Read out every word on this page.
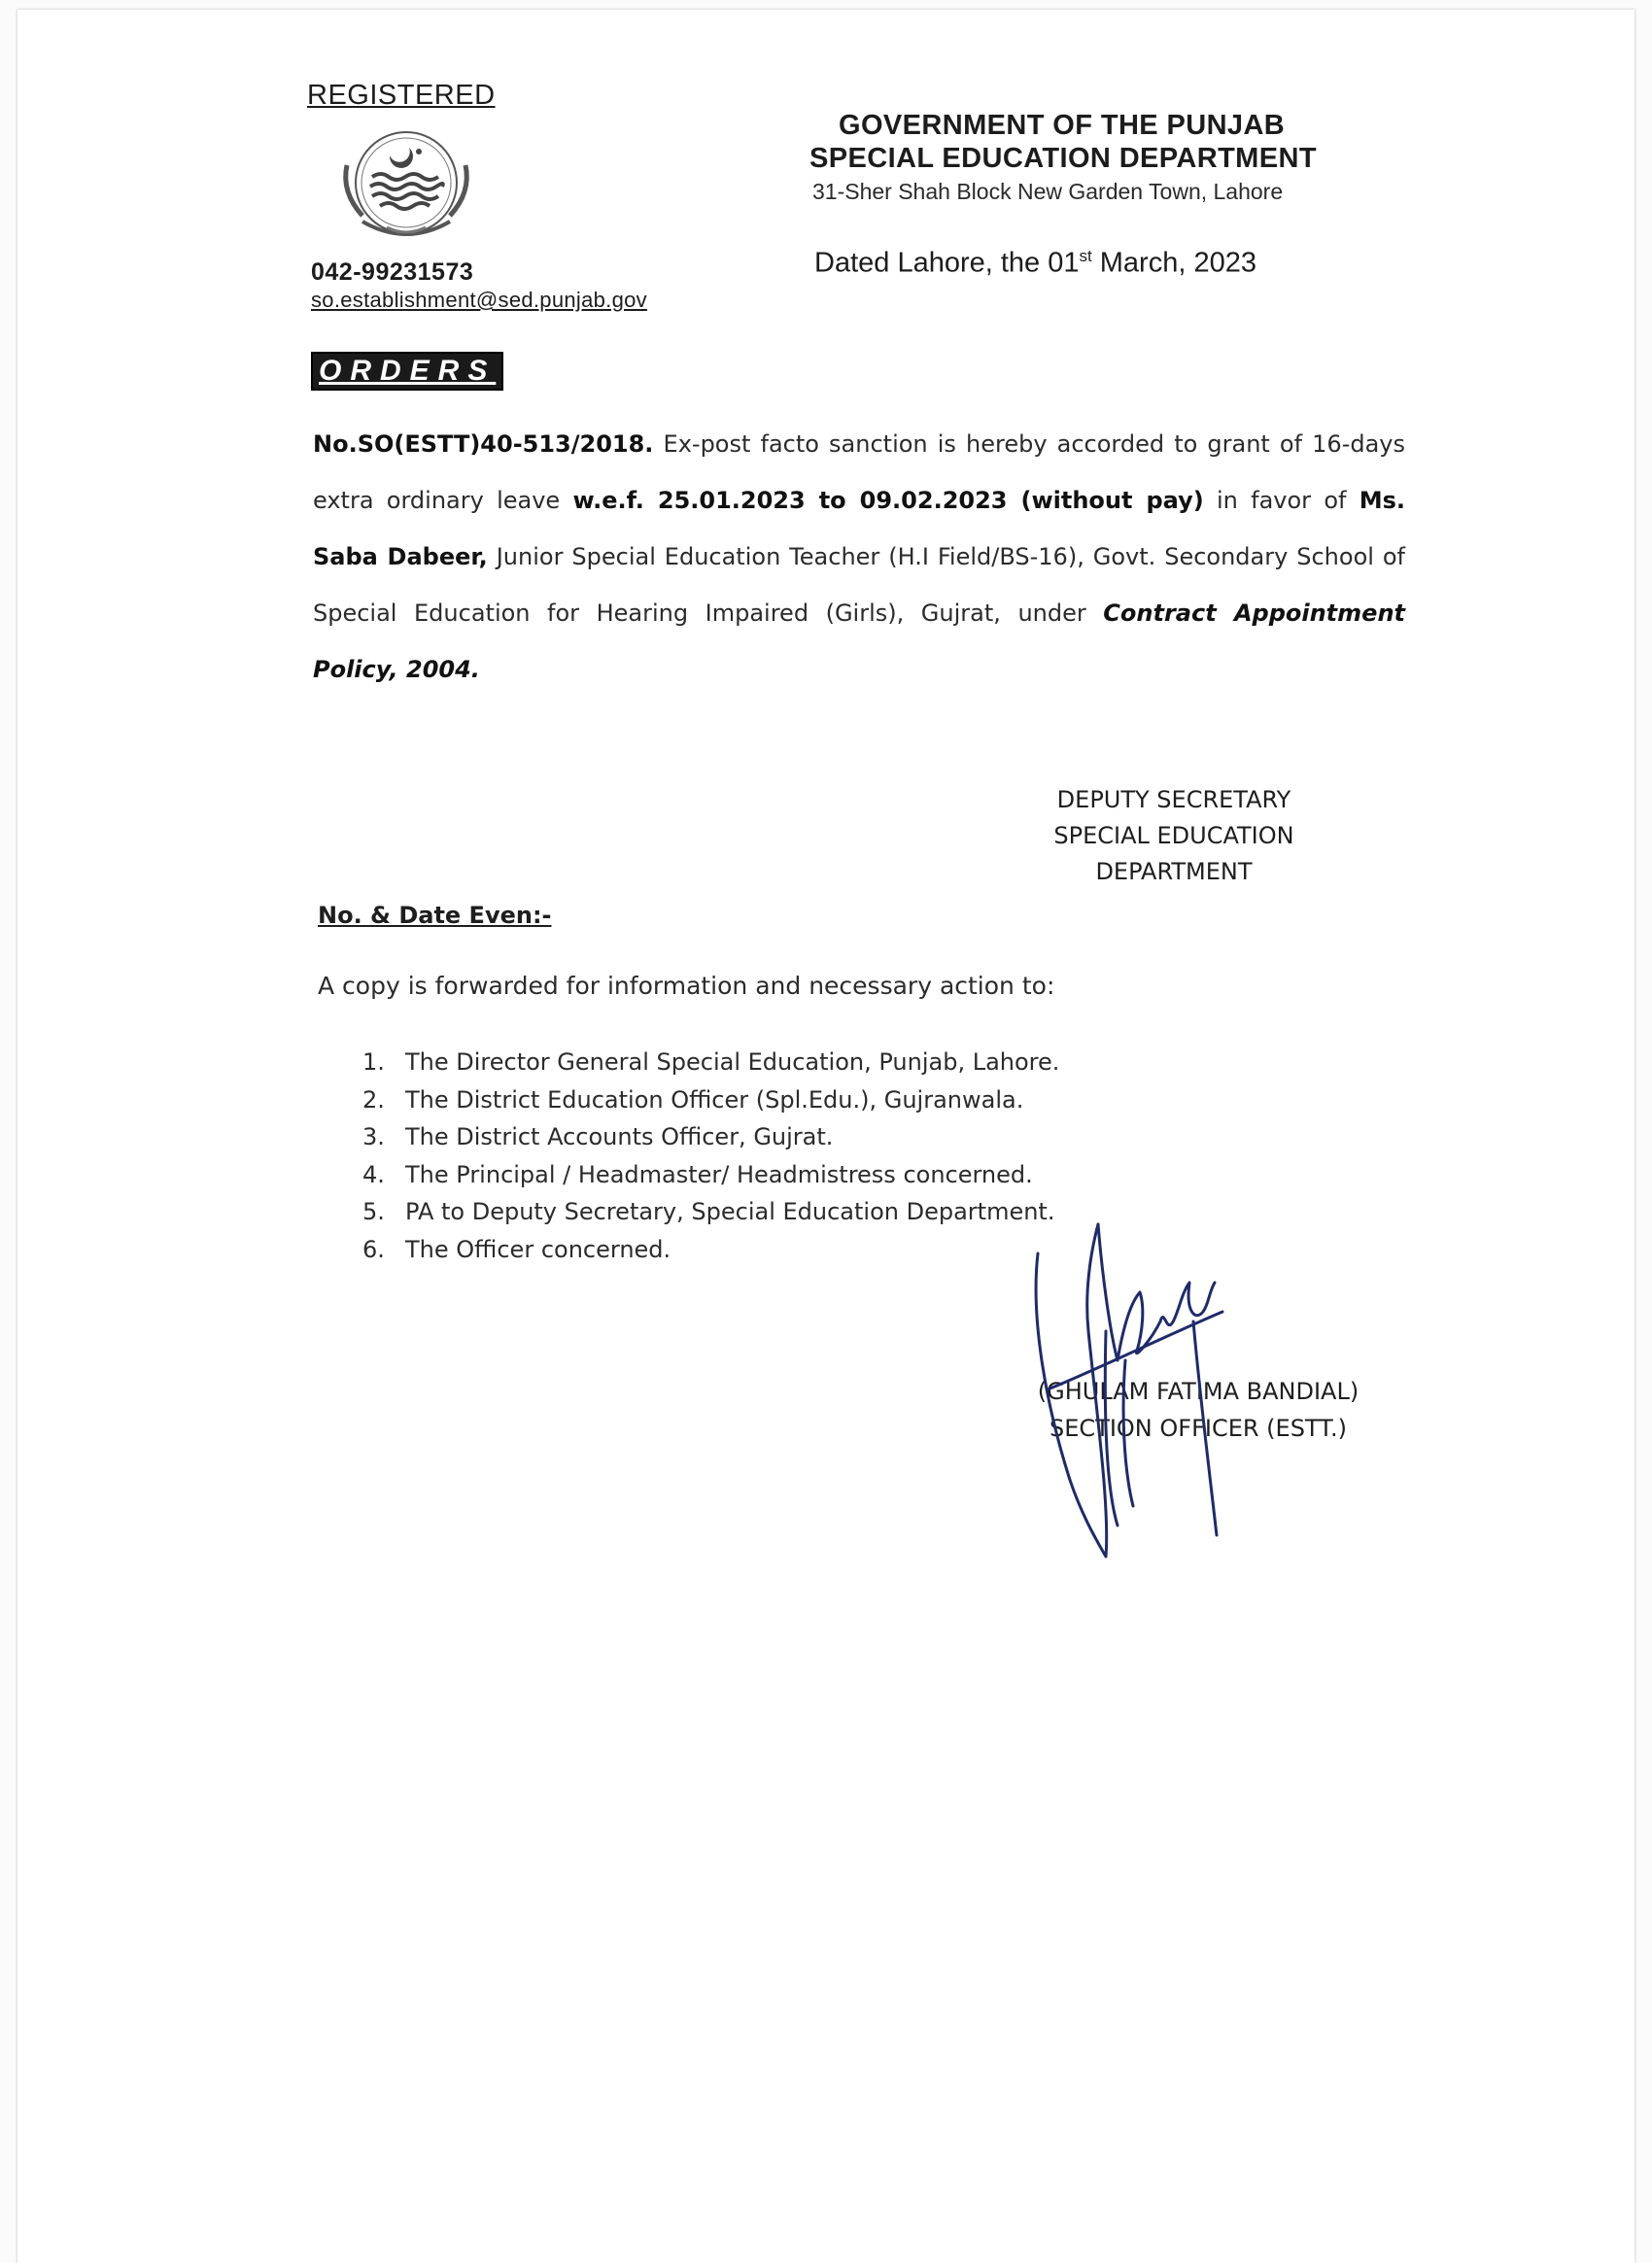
REGISTERED
042-99231573
so.establishment@sed.punjab.gov
GOVERNMENT OF THE PUNJAB
SPECIAL EDUCATION DEPARTMENT
31-Sher Shah Block New Garden Town, Lahore
Dated Lahore, the 01st March, 2023
ORDERS
No.SO(ESTT)40-513/2018. Ex-post facto sanction is hereby accorded to grant of 16-days extra ordinary leave w.e.f. 25.01.2023 to 09.02.2023 (without pay) in favor of Ms. Saba Dabeer, Junior Special Education Teacher (H.I Field/BS-16), Govt. Secondary School of Special Education for Hearing Impaired (Girls), Gujrat, under Contract Appointment Policy, 2004.
DEPUTY SECRETARY
SPECIAL EDUCATION
DEPARTMENT
No. & Date Even:-
A copy is forwarded for information and necessary action to:
1. The Director General Special Education, Punjab, Lahore.
2. The District Education Officer (Spl.Edu.), Gujranwala.
3. The District Accounts Officer, Gujrat.
4. The Principal / Headmaster/ Headmistress concerned.
5. PA to Deputy Secretary, Special Education Department.
6. The Officer concerned.
(GHULAM FATIMA BANDIAL)
SECTION OFFICER (ESTT.)
